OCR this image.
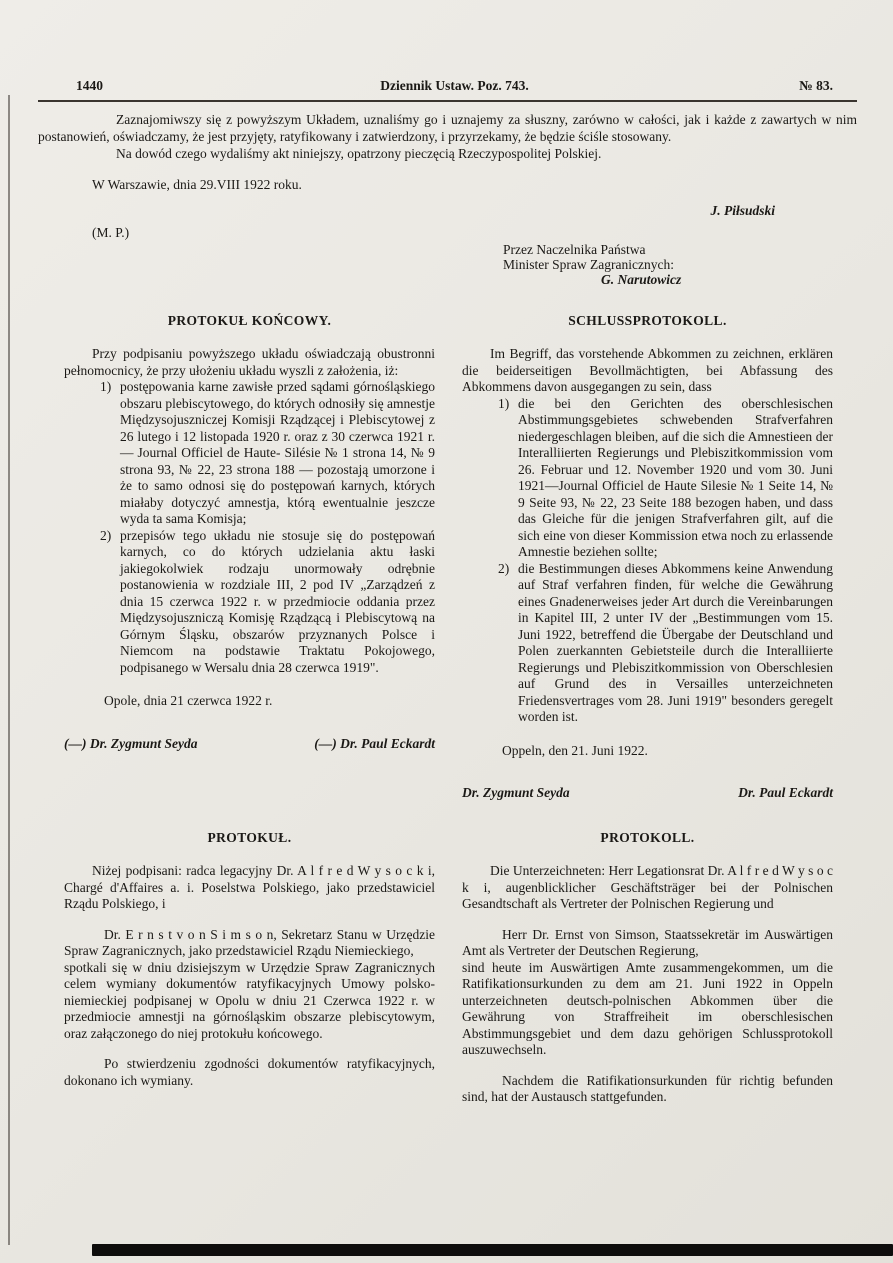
1440	Dziennik Ustaw. Poz. 743.	№ 83.

Zaznajomiwszy się z powyższym Układem, uznaliśmy go i uznajemy za słuszny, zarówno w całości, jak i każde z zawartych w nim postanowień, oświadczamy, że jest przyjęty, ratyfikowany i zatwierdzony, i przyrzekamy, że będzie ściśle stosowany.

Na dowód czego wydaliśmy akt niniejszy, opatrzony pieczęcią Rzeczypospolitej Polskiej.

W Warszawie, dnia 29.VIII 1922 roku.

(M. P.)

J. Piłsudski

Przez Naczelnika Państwa

Minister Spraw Zagranicznych:

G. Narutowicz

PROTOKUŁ KOŃCOWY.

Przy podpisaniu powyższego układu oświadczają obustronni pełnomocnicy, że przy ułożeniu układu wyszli z założenia, iż:

1) postępowania karne zawisłe przed sądami górnośląskiego obszaru plebiscytowego, do których odnosiły się amnestje Międzysojuszniczej Komisji Rządzącej i Plebiscytowej z 26 lutego i 12 listopada 1920 r. oraz z 30 czerwca 1921 r. — Journal Officiel de Haute- Silésie № 1 strona 14, № 9 strona 93, № 22, 23 strona 188 — pozostają umorzone i że to samo odnosi się do postępowań karnych, których miałaby dotyczyć amnestja, którą ewentualnie jeszcze wyda ta sama Komisja;
2) przepisów tego układu nie stosuje się do postępowań karnych, co do których udzielania aktu łaski jakiegokolwiek rodzaju unormowały odrębnie postanowienia w rozdziale III, 2 pod IV „Zarządzeń z dnia 15 czerwca 1922 r. w przedmiocie oddania przez Międzysojuszniczą Komisję Rządzącą i Plebiscytową na Górnym Śląsku, obszarów przyznanych Polsce i Niemcom na podstawie Traktatu Pokojowego, podpisanego w Wersalu dnia 28 czerwca 1919".

Opole, dnia 21 czerwca 1922 r.

(—) Dr. Zygmunt Seyda	(—) Dr. Paul Eckardt

SCHLUSSPROTOKOLL.

Im Begriff, das vorstehende Abkommen zu zeichnen, erklären die beiderseitigen Bevollmächtigten, bei Abfassung des Abkommens davon ausgegangen zu sein, dass

1) die bei den Gerichten des oberschlesischen Abstimmungsgebietes schwebenden Strafverfahren niedergeschlagen bleiben, auf die sich die Amnestieen der Interalliierten Regierungs und Plebiszitkommission vom 26. Februar und 12. November 1920 und vom 30. Juni 1921—Journal Officiel de Haute Silesie № 1 Seite 14, № 9 Seite 93, № 22, 23 Seite 188 bezogen haben, und dass das Gleiche für die jenigen Strafverfahren gilt, auf die sich eine von dieser Kommission etwa noch zu erlassende Amnestie beziehen sollte;
2) die Bestimmungen dieses Abkommens keine Anwendung auf Straf verfahren finden, für welche die Gewährung eines Gnadenerweises jeder Art durch die Vereinbarungen in Kapitel III, 2 unter IV der „Bestimmungen vom 15. Juni 1922, betreffend die Übergabe der Deutschland und Polen zuerkannten Gebietsteile durch die Interalliierte Regierungs und Plebiszitkommission von Oberschlesien auf Grund des in Versailles unterzeichneten Friedensvertrages vom 28. Juni 1919" besonders geregelt worden ist.

Oppeln, den 21. Juni 1922.

Dr. Zygmunt Seyda	Dr. Paul Eckardt

PROTOKUŁ.

Niżej podpisani: radca legacyjny Dr. A l f r e d W y s o c k i, Chargé d'Affaires a. i. Poselstwa Polskiego, jako przedstawiciel Rządu Polskiego, i

Dr. E r n s t v o n S i m s o n, Sekretarz Stanu w Urzędzie Spraw Zagranicznych, jako przedstawiciel Rządu Niemieckiego,

spotkali się w dniu dzisiejszym w Urzędzie Spraw Zagranicznych celem wymiany dokumentów ratyfikacyjnych Umowy polsko-niemieckiej podpisanej w Opolu w dniu 21 Czerwca 1922 r. w przedmiocie amnestji na górnośląskim obszarze plebiscytowym, oraz załączonego do niej protokułu końcowego.

Po stwierdzeniu zgodności dokumentów ratyfikacyjnych, dokonano ich wymiany.

PROTOKOLL.

Die Unterzeichneten: Herr Legationsrat Dr. A l f r e d W y s o c k i, augenblicklicher Geschäftsträger bei der Polnischen Gesandtschaft als Vertreter der Polnischen Regierung und

Herr Dr. Ernst von Simson, Staatssekretär im Auswärtigen Amt als Vertreter der Deutschen Regierung,

sind heute im Auswärtigen Amte zusammengekommen, um die Ratifikationsurkunden zu dem am 21. Juni 1922 in Oppeln unterzeichneten deutsch-polnischen Abkommen über die Gewährung von Straffreiheit im oberschlesischen Abstimmungsgebiet und dem dazu gehörigen Schlussprotokoll auszuwechseln.

Nachdem die Ratifikationsurkunden für richtig befunden sind, hat der Austausch stattgefunden.
